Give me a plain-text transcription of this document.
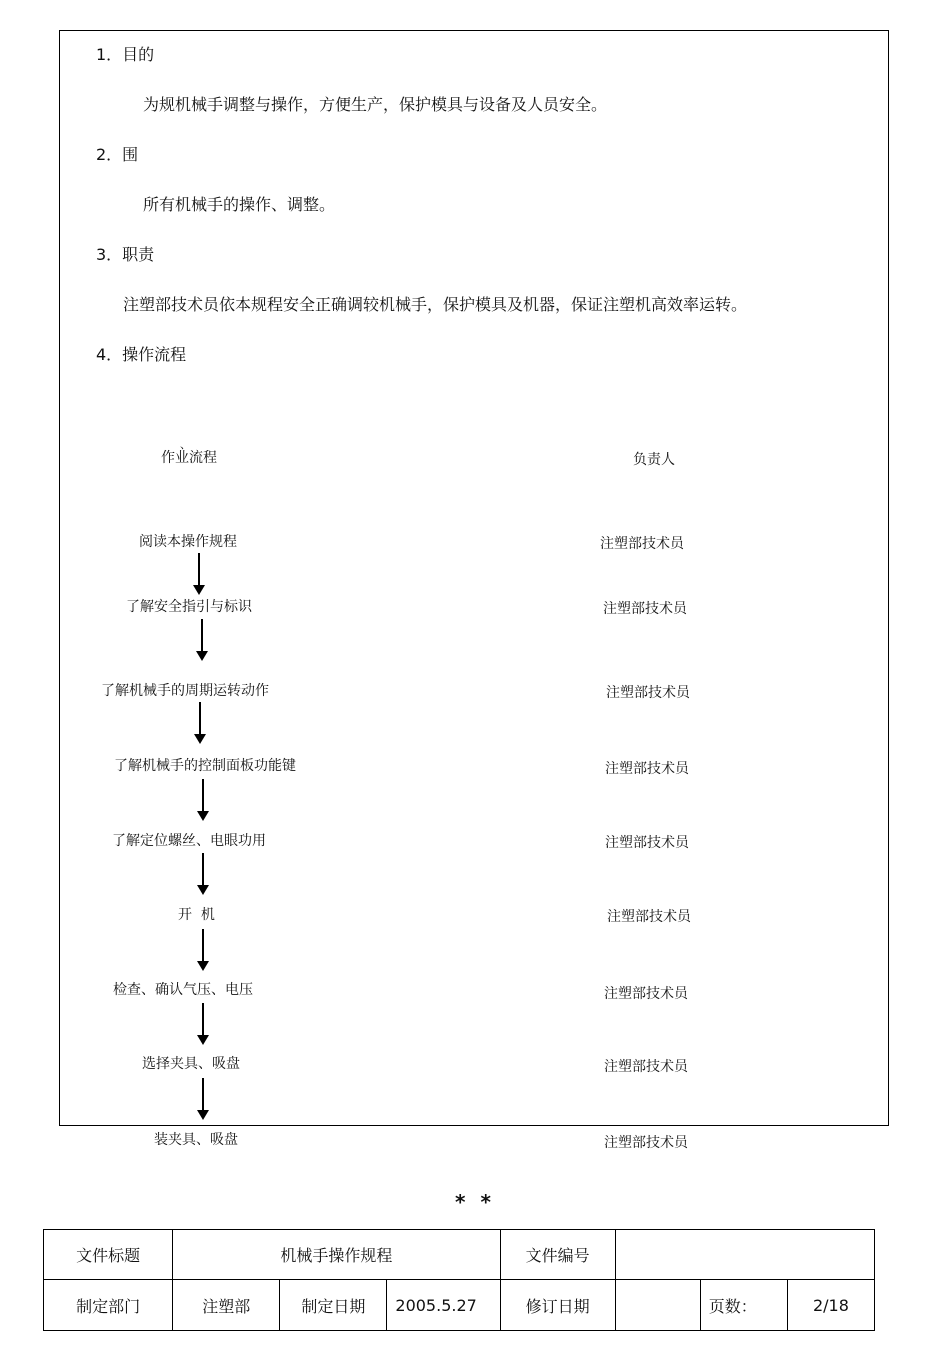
1．目的
为规机械手调整与操作，方便生产，保护模具与设备及人员安全。
2．围
所有机械手的操作、调整。
3．职责
注塑部技术员依本规程安全正确调较机械手，保护模具及机器，保证注塑机高效率运转。
4．操作流程
、
作业流程	负责人
阅读本操作规程	注塑部技术员
了解安全指引与标识	注塑部技术员
了解机械手的周期运转动作	注塑部技术员
了解机械手的控制面板功能键	注塑部技术员
了解定位螺丝、电眼功用	注塑部技术员
开  机	注塑部技术员
检查、确认气压、电压	注塑部技术员
选择夹具、吸盘	注塑部技术员
装夹具、吸盘	注塑部技术员
* *
文件标题	机械手操作规程			文件编号			
制定部门	注塑部	制定日期	2005.5.27	修订日期		页数：	2/18
